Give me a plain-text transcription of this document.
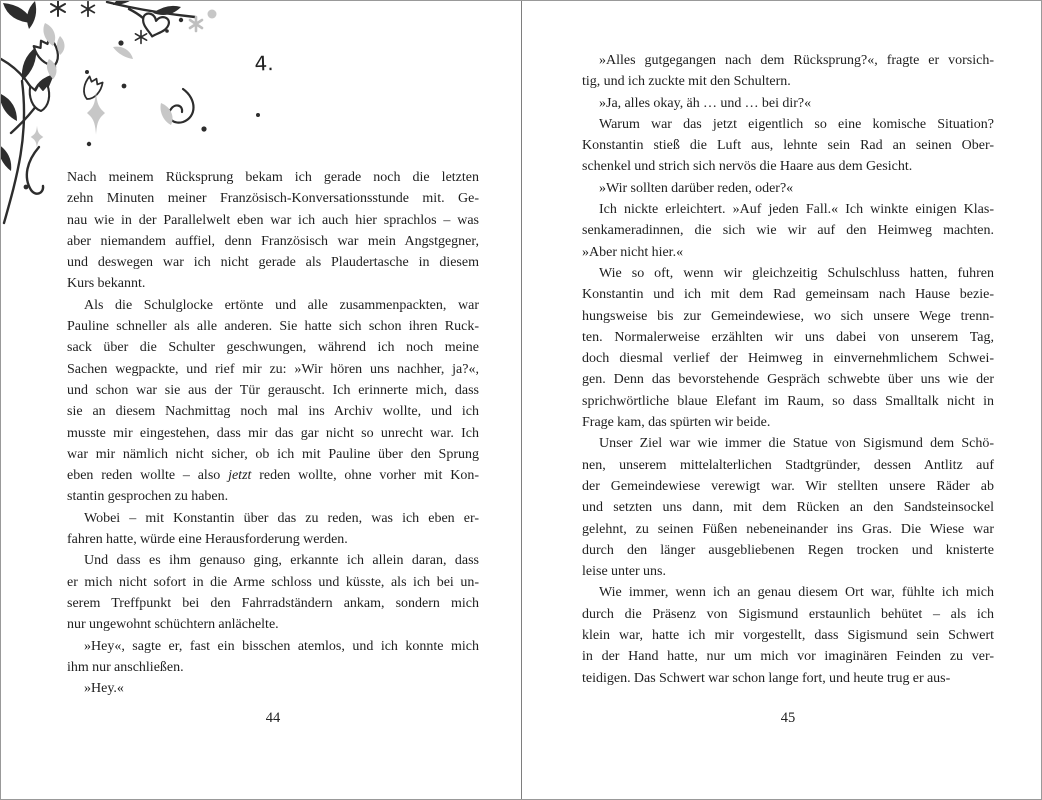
4.
Nach meinem Rücksprung bekam ich gerade noch die letzten
zehn Minuten meiner Französisch-Konversationsstunde mit. Ge-
nau wie in der Parallelwelt eben war ich auch hier sprachlos – was
aber niemandem auffiel, denn Französisch war mein Angstgegner,
und deswegen war ich nicht gerade als Plaudertasche in diesem
Kurs bekannt.
Als die Schulglocke ertönte und alle zusammenpackten, war
Pauline schneller als alle anderen. Sie hatte sich schon ihren Ruck-
sack über die Schulter geschwungen, während ich noch meine
Sachen wegpackte, und rief mir zu: »Wir hören uns nachher, ja?«,
und schon war sie aus der Tür gerauscht. Ich erinnerte mich, dass
sie an diesem Nachmittag noch mal ins Archiv wollte, und ich
musste mir eingestehen, dass mir das gar nicht so unrecht war. Ich
war mir nämlich nicht sicher, ob ich mit Pauline über den Sprung
eben reden wollte – also jetzt reden wollte, ohne vorher mit Kon-
stantin gesprochen zu haben.
Wobei – mit Konstantin über das zu reden, was ich eben er-
fahren hatte, würde eine Herausforderung werden.
Und dass es ihm genauso ging, erkannte ich allein daran, dass
er mich nicht sofort in die Arme schloss und küsste, als ich bei un-
serem Treffpunkt bei den Fahrradständern ankam, sondern mich
nur ungewohnt schüchtern anlächelte.
»Hey«, sagte er, fast ein bisschen atemlos, und ich konnte mich
ihm nur anschließen.
»Hey.«
44
»Alles gutgegangen nach dem Rücksprung?«, fragte er vorsich-
tig, und ich zuckte mit den Schultern.
»Ja, alles okay, äh … und … bei dir?«
Warum war das jetzt eigentlich so eine komische Situation?
Konstantin stieß die Luft aus, lehnte sein Rad an seinen Ober-
schenkel und strich sich nervös die Haare aus dem Gesicht.
»Wir sollten darüber reden, oder?«
Ich nickte erleichtert. »Auf jeden Fall.« Ich winkte einigen Klas-
senkameradinnen, die sich wie wir auf den Heimweg machten.
»Aber nicht hier.«
Wie so oft, wenn wir gleichzeitig Schulschluss hatten, fuhren
Konstantin und ich mit dem Rad gemeinsam nach Hause bezie-
hungsweise bis zur Gemeindewiese, wo sich unsere Wege trenn-
ten. Normalerweise erzählten wir uns dabei von unserem Tag,
doch diesmal verlief der Heimweg in einvernehmlichem Schwei-
gen. Denn das bevorstehende Gespräch schwebte über uns wie der
sprichwörtliche blaue Elefant im Raum, so dass Smalltalk nicht in
Frage kam, das spürten wir beide.
Unser Ziel war wie immer die Statue von Sigismund dem Schö-
nen, unserem mittelalterlichen Stadtgründer, dessen Antlitz auf
der Gemeindewiese verewigt war. Wir stellten unsere Räder ab
und setzten uns dann, mit dem Rücken an den Sandsteinsockel
gelehnt, zu seinen Füßen nebeneinander ins Gras. Die Wiese war
durch den länger ausgebliebenen Regen trocken und knisterte
leise unter uns.
Wie immer, wenn ich an genau diesem Ort war, fühlte ich mich
durch die Präsenz von Sigismund erstaunlich behütet – als ich
klein war, hatte ich mir vorgestellt, dass Sigismund sein Schwert
in der Hand hatte, nur um mich vor imaginären Feinden zu ver-
teidigen. Das Schwert war schon lange fort, und heute trug er aus-
45
